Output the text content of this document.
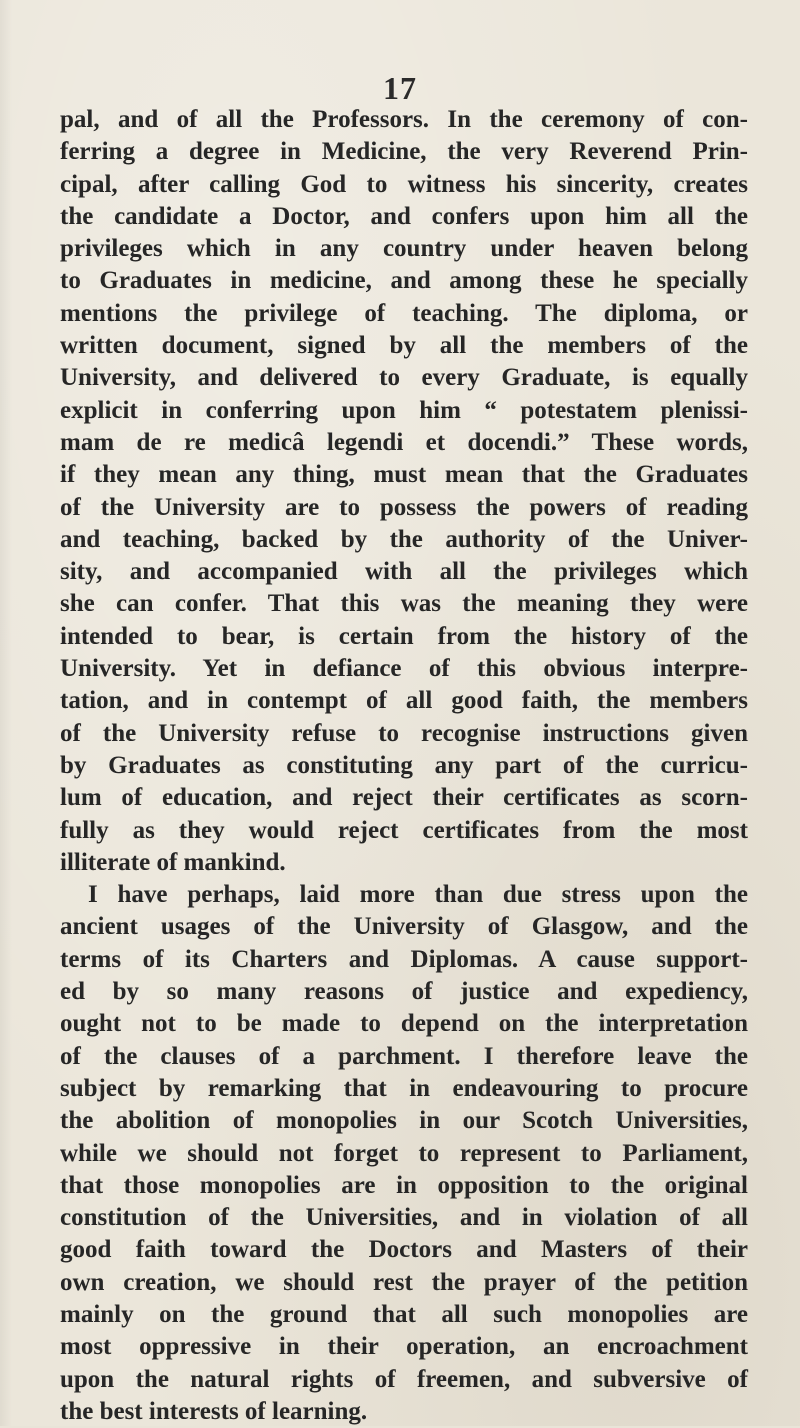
17
pal, and of all the Professors. In the ceremony of con-
ferring a degree in Medicine, the very Reverend Prin-
cipal, after calling God to witness his sincerity, creates
the candidate a Doctor, and confers upon him all the
privileges which in any country under heaven belong
to Graduates in medicine, and among these he specially
mentions the privilege of teaching. The diploma, or
written document, signed by all the members of the
University, and delivered to every Graduate, is equally
explicit in conferring upon him “ potestatem plenissi-
mam de re medicâ legendi et docendi.” These words,
if they mean any thing, must mean that the Graduates
of the University are to possess the powers of reading
and teaching, backed by the authority of the Univer-
sity, and accompanied with all the privileges which
she can confer. That this was the meaning they were
intended to bear, is certain from the history of the
University. Yet in defiance of this obvious interpre-
tation, and in contempt of all good faith, the members
of the University refuse to recognise instructions given
by Graduates as constituting any part of the curricu-
lum of education, and reject their certificates as scorn-
fully as they would reject certificates from the most
illiterate of mankind.
I have perhaps, laid more than due stress upon the
ancient usages of the University of Glasgow, and the
terms of its Charters and Diplomas. A cause support-
ed by so many reasons of justice and expediency,
ought not to be made to depend on the interpretation
of the clauses of a parchment. I therefore leave the
subject by remarking that in endeavouring to procure
the abolition of monopolies in our Scotch Universities,
while we should not forget to represent to Parliament,
that those monopolies are in opposition to the original
constitution of the Universities, and in violation of all
good faith toward the Doctors and Masters of their
own creation, we should rest the prayer of the petition
mainly on the ground that all such monopolies are
most oppressive in their operation, an encroachment
upon the natural rights of freemen, and subversive of
the best interests of learning.
